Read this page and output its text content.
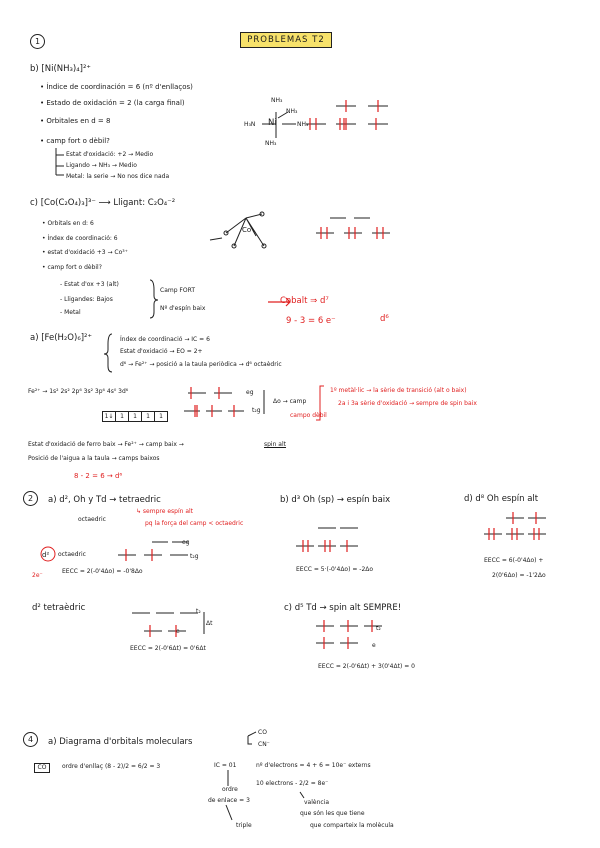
PROBLEMAS T2
1
2
4
b) [Ni(NH₃)₄]²⁺
• Índice de coordinación = 6 (nº d'enllaços)
• Estado de oxidación = 2 (la carga final)
• Orbitales en d = 8
• camp fort o dèbil?
Estat d'oxidació: +2 → Medio
Ligando → NH₃ → Medio
Metal: la serie → No nos dice nada
Ni
H₃N	NH₃
NH₃
NH₃
NH₃
c) [Co(C₂O₄)₃]³⁻ ⟶ Lligant: C₂O₄⁻²
• Orbitals en d: 6
• Índex de coordinació: 6
• estat d'oxidació +3 → Co³⁺
• camp fort o dèbil?
- Estat d'ox +3 (alt)
- Lligandes: Bajos
- Metal
Camp FORT
Nº d'espín baix
Cobalt ⇒ d⁷
9 - 3 = 6 e⁻	d⁶
Co
a) [Fe(H₂O)₆]²⁺	Índex de coordinació → IC = 6
Estat d'oxidació → EO = 2+
d⁶ → Fe²⁺ → posició a la taula periòdica → d⁶ octaèdric
Fe²⁺ → 1s² 2s² 2p⁶ 3s² 3p⁶ 4s⁰ 3d⁶	eg
t₂g
Δo → camp
campo dèbil
1º metàl·lic → la sèrie de transició (alt o baix)
2a i 3a sèrie d'oxidació → sempre de spin baix
1↓	1	1	1	1
Estat d'oxidació de ferro baix → Fe²⁺ → camp baix →	spin alt
Posició de l'aigua a la taula → camps baixos
8 - 2 = 6 → d⁶
a) d², Oh y Td → tetraedric
octaedric
↳ sempre espín alt
pq la força del camp < octaedric
d² octaedric
eg
t₂g
EECC = 2(-0'4Δo) = -0'8Δo
2e⁻
b) d³ Oh (sp) → espín baix
EECC = 5·(-0'4Δo) = -2Δo
d) d⁸ Oh espín alt
EECC = 6(-0'4Δo) +
2(0'6Δo) = -1'2Δo
d² tetraèdric	t₂
e
Δt
EECC = 2(-0'6Δt) = 0'6Δt
c) d⁵ Td → spin alt SEMPRE!
t₂
e
EECC = 2(-0'6Δt) + 3(0'4Δt) = 0
a) Diagrama d'orbitals moleculars
CO
CN⁻
CO	ordre d'enllaç (8 - 2)/2 = 6/2 = 3	IC = 01	nº d'electrons = 4 + 6 = 10e⁻ externs
ordre
de enlace = 3
triple
10 electrons - 2/2 = 8e⁻
valència
que són les que tiene
que comparteix la molècula
